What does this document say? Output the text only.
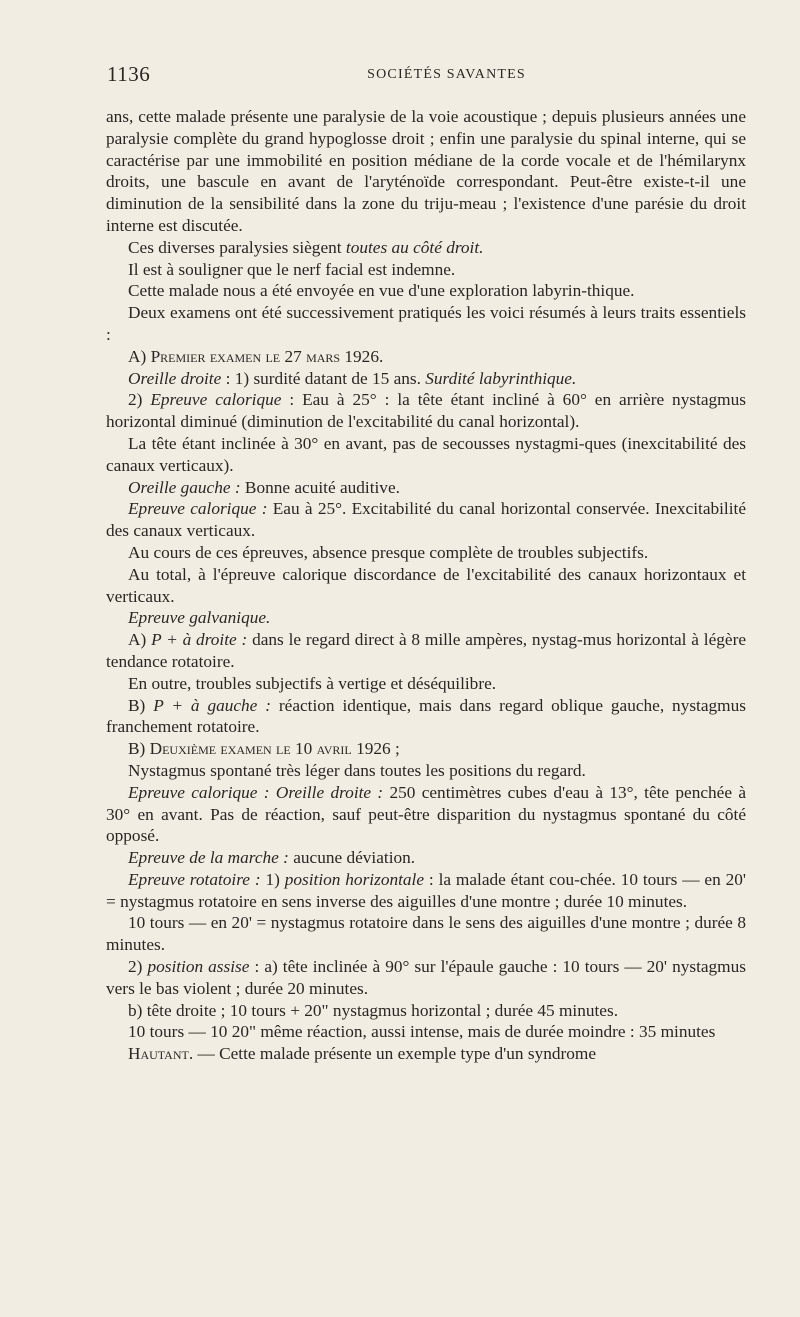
1136	SOCIÉTÉS SAVANTES

ans, cette malade présente une paralysie de la voie acoustique ; depuis plusieurs années une paralysie complète du grand hypoglosse droit ; enfin une paralysie du spinal interne, qui se caractérise par une immobilité en position médiane de la corde vocale et de l'hémilarynx droits, une bascule en avant de l'aryténoïde correspondant. Peut-être existe-t-il une diminution de la sensibilité dans la zone du triju-meau ; l'existence d'une parésie du droit interne est discutée.

Ces diverses paralysies siègent toutes au côté droit.

Il est à souligner que le nerf facial est indemne.

Cette malade nous a été envoyée en vue d'une exploration labyrin-thique.

Deux examens ont été successivement pratiqués les voici résumés à leurs traits essentiels :

A) Premier examen le 27 mars 1926.

Oreille droite : 1) surdité datant de 15 ans. Surdité labyrinthique.

2) Epreuve calorique : Eau à 25° : la tête étant incliné à 60° en arrière nystagmus horizontal diminué (diminution de l'excitabilité du canal horizontal).

La tête étant inclinée à 30° en avant, pas de secousses nystagmi-ques (inexcitabilité des canaux verticaux).

Oreille gauche : Bonne acuité auditive.

Epreuve calorique : Eau à 25°. Excitabilité du canal horizontal conservée. Inexcitabilité des canaux verticaux.

Au cours de ces épreuves, absence presque complète de troubles subjectifs.

Au total, à l'épreuve calorique discordance de l'excitabilité des canaux horizontaux et verticaux.

Epreuve galvanique.

A) P + à droite : dans le regard direct à 8 mille ampères, nystag-mus horizontal à légère tendance rotatoire.

En outre, troubles subjectifs à vertige et déséquilibre.

B) P + à gauche : réaction identique, mais dans regard oblique gauche, nystagmus franchement rotatoire.

B) Deuxième examen le 10 avril 1926 ;

Nystagmus spontané très léger dans toutes les positions du regard.

Epreuve calorique : Oreille droite : 250 centimètres cubes d'eau à 13°, tête penchée à 30° en avant. Pas de réaction, sauf peut-être disparition du nystagmus spontané du côté opposé.

Epreuve de la marche : aucune déviation.

Epreuve rotatoire : 1) position horizontale : la malade étant cou-chée. 10 tours — en 20' = nystagmus rotatoire en sens inverse des aiguilles d'une montre ; durée 10 minutes.

10 tours — en 20' = nystagmus rotatoire dans le sens des aiguilles d'une montre ; durée 8 minutes.

2) position assise : a) tête inclinée à 90° sur l'épaule gauche : 10 tours — 20' nystagmus vers le bas violent ; durée 20 minutes.

b) tête droite ; 10 tours + 20" nystagmus horizontal ; durée 45 minutes.

10 tours — 10 20" même réaction, aussi intense, mais de durée moindre : 35 minutes

Hautant. — Cette malade présente un exemple type d'un syndrome
